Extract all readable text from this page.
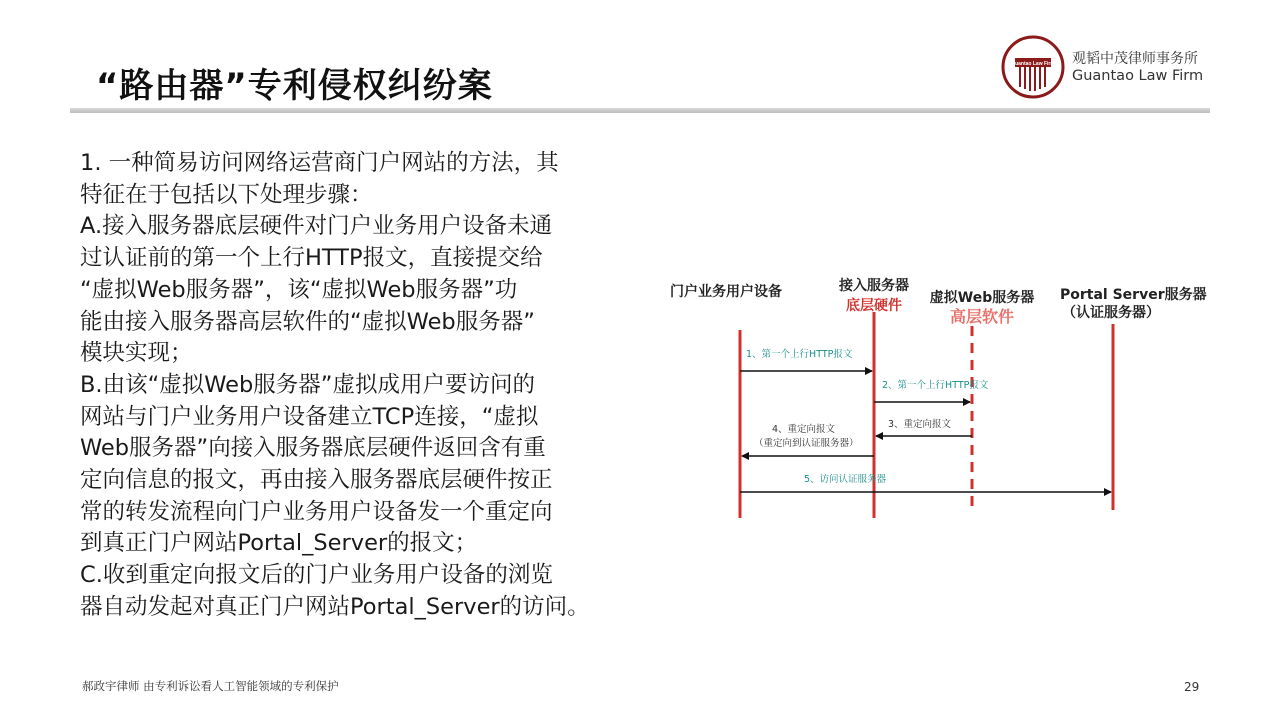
“路由器”专利侵权纠纷案
Guantao Law Firm 观韬中茂律师事务所
Guantao Law Firm
1. 一种简易访问网络运营商门户网站的方法，其
特征在于包括以下处理步骤：
A.接入服务器底层硬件对门户业务用户设备未通
过认证前的第一个上行HTTP报文，直接提交给
“虚拟Web服务器”，该“虚拟Web服务器”功
能由接入服务器高层软件的“虚拟Web服务器”
模块实现；
B.由该“虚拟Web服务器”虚拟成用户要访问的
网站与门户业务用户设备建立TCP连接，“虚拟
Web服务器”向接入服务器底层硬件返回含有重
定向信息的报文，再由接入服务器底层硬件按正
常的转发流程向门户业务用户设备发一个重定向
到真正门户网站Portal_Server的报文；
C.收到重定向报文后的门户业务用户设备的浏览
器自动发起对真正门户网站Portal_Server的访问。
门户业务用户设备	接入服务器
底层硬件 虚拟Web服务器
高层软件
Portal Server服务器
（认证服务器）
1、第一个上行HTTP报文
2、第一个上行HTTP报文
3、重定向报文
4、重定向报文
（重定向到认证服务器）
5、访问认证服务器
郝政宇律师 由专利诉讼看人工智能领域的专利保护	29
